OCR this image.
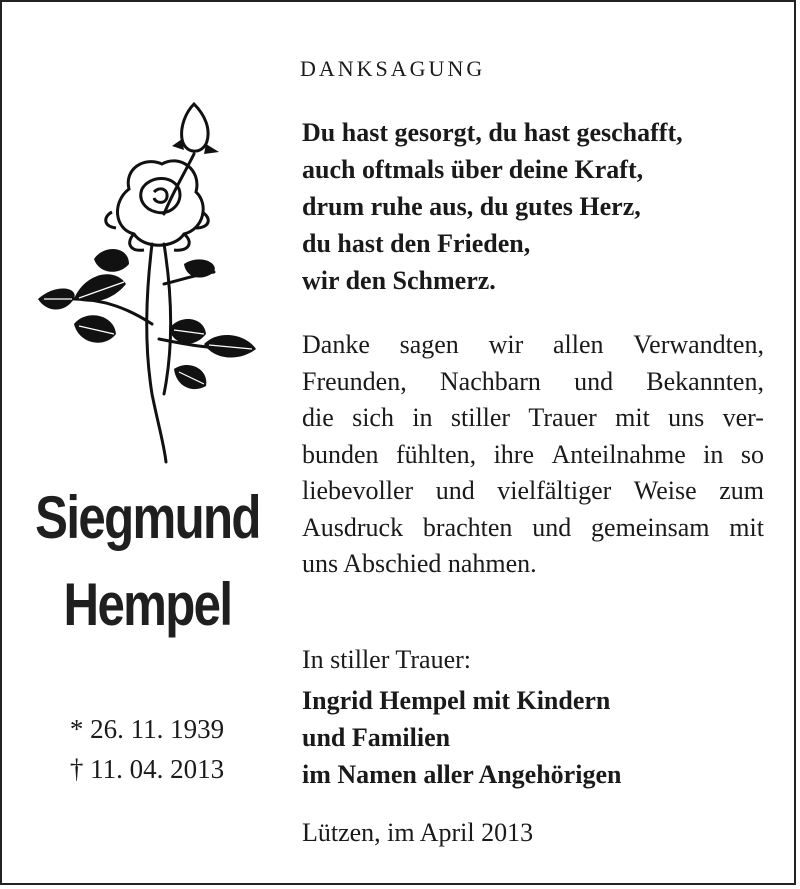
Siegmund
Hempel
* 26. 11. 1939
† 11. 04. 2013
DANKSAGUNG
Du hast gesorgt, du hast geschafft,
auch oftmals über deine Kraft,
drum ruhe aus, du gutes Herz,
du hast den Frieden,
wir den Schmerz.
Danke sagen wir allen Verwandten,
Freunden, Nachbarn und Bekannten,
die sich in stiller Trauer mit uns ver-
bunden fühlten, ihre Anteilnahme in so
liebevoller und vielfältiger Weise zum
Ausdruck brachten und gemeinsam mit
uns Abschied nahmen.
In stiller Trauer:
Ingrid Hempel mit Kindern
und Familien
im Namen aller Angehörigen
Lützen, im April 2013
